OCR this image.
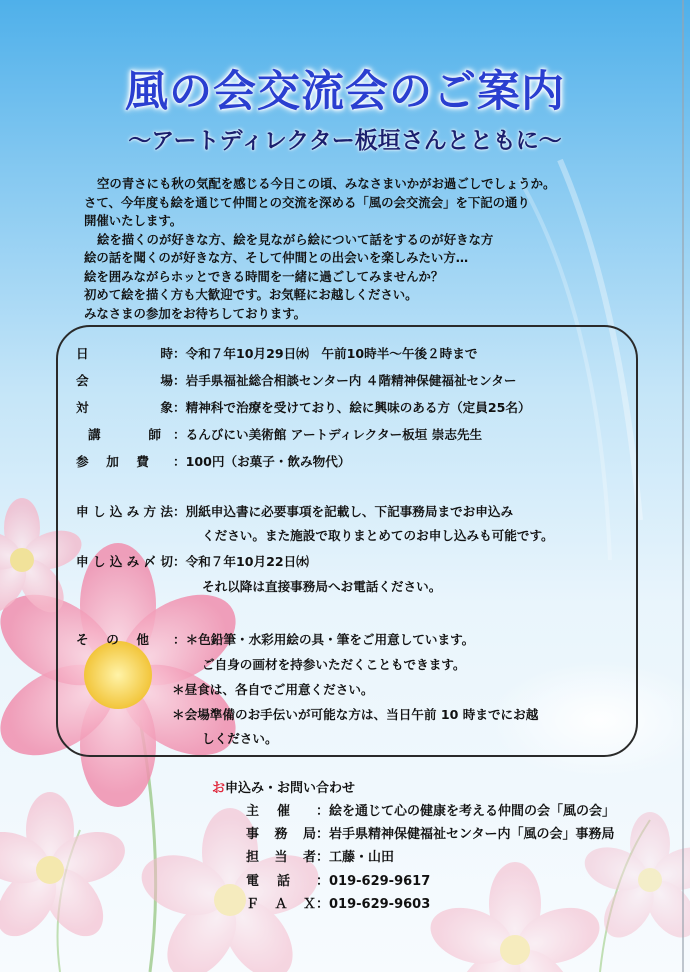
風の会交流会のご案内
～アートディレクター板垣さんとともに～
空の青さにも秋の気配を感じる今日この頃、みなさまいかがお過ごしでしょうか。
さて、今年度も絵を通じて仲間との交流を深める「風の会交流会」を下記の通り
開催いたします。
絵を描くのが好きな方、絵を見ながら絵について話をするのが好きな方
絵の話を聞くのが好きな方、そして仲間との出会いを楽しみたい方…
絵を囲みながらホッとできる時間を一緒に過ごしてみませんか？
初めて絵を描く方も大歓迎です。お気軽にお越しください。
みなさまの参加をお待ちしております。
日時 ：令和７年10月29日㈬　午前10時半～午後２時まで
会場 ：岩手県福祉総合相談センター内 ４階精神保健福祉センター
対象 ：精神科で治療を受けており、絵に興味のある方（定員25名）
講師 ：るんびにい美術館 アートディレクター板垣 崇志先生
参加費	：100円（お菓子・飲み物代）
申し込み方法 ：別紙申込書に必要事項を記載し、下記事務局までお申込み
ください。また施設で取りまとめてのお申し込みも可能です。
申し込み〆切 ：令和７年10月22日㈬
それ以降は直接事務局へお電話ください。
その他	：＊色鉛筆・水彩用絵の具・筆をご用意しています。
ご自身の画材を持参いただくこともできます。
＊昼食は、各自でご用意ください。
＊会場準備のお手伝いが可能な方は、当日午前 10 時までにお越
しください。
お申込み・お問い合わせ
主催	：絵を通じて心の健康を考える仲間の会「風の会」
事務局 ：岩手県精神保健福祉センター内「風の会」事務局
担当者 ：工藤・山田
電話	：019-629-9617
ＦＡＸ ：019-629-9603
